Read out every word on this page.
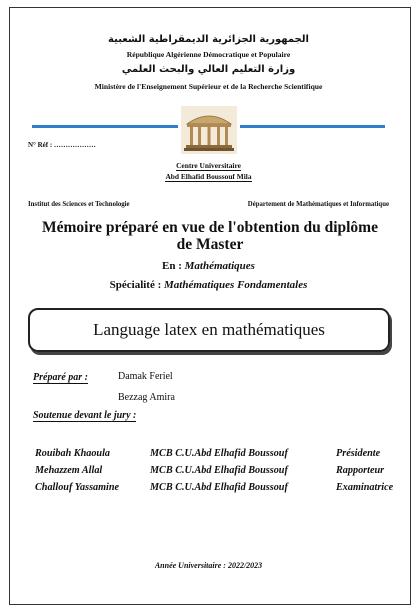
الجمهورية الجزائرية الديمقراطية الشعبية
République Algérienne Démocratique et Populaire
وزارة التعليم العالي والبحث العلمي
Ministère de l'Enseignement Supérieur et de la Recherche Scientifique
N° Réf : ………………
Centre Universitaire
Abd Elhafid Boussouf Mila
Institut des Sciences et Technologie	Département de Mathématiques et Informatique
Mémoire préparé en vue de l'obtention du diplôme de Master
En : Mathématiques
Spécialité : Mathématiques Fondamentales
Language latex en mathématiques
Préparé par :	Damak Feriel
Bezzag Amira
Soutenue devant le jury :
Rouibah Khaoula	MCB C.U.Abd Elhafid Boussouf	Présidente
Mehazzem Allal	MCB C.U.Abd Elhafid Boussouf	Rapporteur
Challouf Yassamine	MCB C.U.Abd Elhafid Boussouf	Examinatrice
Année Universitaire : 2022/2023
